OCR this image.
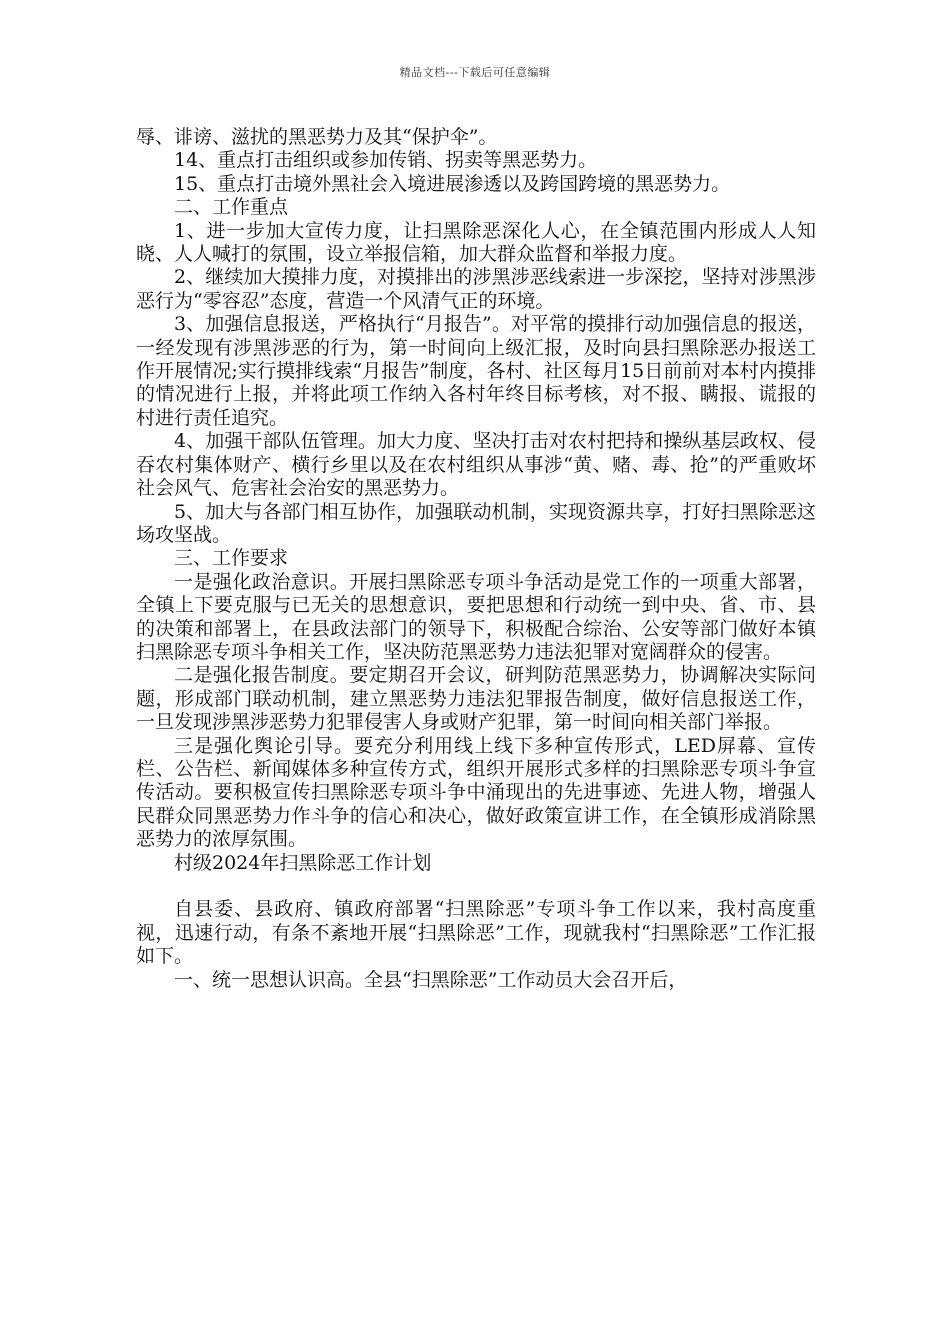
精品文档---下载后可任意编辑

辱、诽谤、滋扰的黑恶势力及其“保护伞”。

14、重点打击组织或参加传销、拐卖等黑恶势力。

15、重点打击境外黑社会入境进展渗透以及跨国跨境的黑恶势力。

二、工作重点

1、进一步加大宣传力度，让扫黑除恶深化人心，在全镇范围内形成人人知晓、人人喊打的氛围，设立举报信箱，加大群众监督和举报力度。

2、继续加大摸排力度，对摸排出的涉黑涉恶线索进一步深挖，坚持对涉黑涉恶行为“零容忍”态度，营造一个风清气正的环境。

3、加强信息报送，严格执行“月报告”。对平常的摸排行动加强信息的报送，一经发现有涉黑涉恶的行为，第一时间向上级汇报，及时向县扫黑除恶办报送工作开展情况;实行摸排线索“月报告”制度，各村、社区每月15日前前对本村内摸排的情况进行上报，并将此项工作纳入各村年终目标考核，对不报、瞒报、谎报的村进行责任追究。

4、加强干部队伍管理。加大力度、坚决打击对农村把持和操纵基层政权、侵吞农村集体财产、横行乡里以及在农村组织从事涉“黄、赌、毒、抢”的严重败坏社会风气、危害社会治安的黑恶势力。

5、加大与各部门相互协作，加强联动机制，实现资源共享，打好扫黑除恶这场攻坚战。

三、工作要求

一是强化政治意识。开展扫黑除恶专项斗争活动是党工作的一项重大部署，全镇上下要克服与已无关的思想意识，要把思想和行动统一到中央、省、市、县的决策和部署上，在县政法部门的领导下，积极配合综治、公安等部门做好本镇扫黑除恶专项斗争相关工作，坚决防范黑恶势力违法犯罪对宽阔群众的侵害。

二是强化报告制度。要定期召开会议，研判防范黑恶势力，协调解决实际问题，形成部门联动机制，建立黑恶势力违法犯罪报告制度，做好信息报送工作，一旦发现涉黑涉恶势力犯罪侵害人身或财产犯罪，第一时间向相关部门举报。

三是强化舆论引导。要充分利用线上线下多种宣传形式，LED屏幕、宣传栏、公告栏、新闻媒体多种宣传方式，组织开展形式多样的扫黑除恶专项斗争宣传活动。要积极宣传扫黑除恶专项斗争中涌现出的先进事迹、先进人物，增强人民群众同黑恶势力作斗争的信心和决心，做好政策宣讲工作，在全镇形成消除黑恶势力的浓厚氛围。

村级2024年扫黑除恶工作计划

自县委、县政府、镇政府部署“扫黑除恶”专项斗争工作以来，我村高度重视，迅速行动，有条不紊地开展“扫黑除恶”工作，现就我村“扫黑除恶”工作汇报如下。

一、统一思想认识高。全县“扫黑除恶”工作动员大会召开后，
